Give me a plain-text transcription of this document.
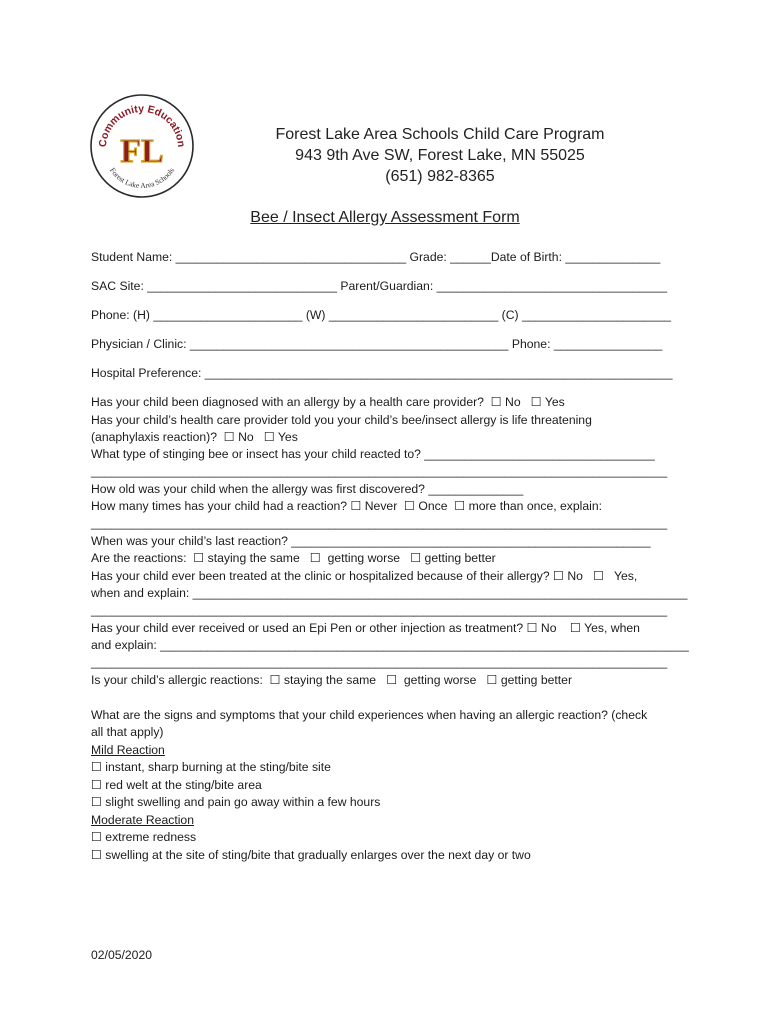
Community Education
Forest Lake Area Schools
FL	Forest Lake Area Schools Child Care Program
943 9th Ave SW, Forest Lake, MN 55025
(651) 982-8365
Bee / Insect Allergy Assessment Form
Student Name: __________________________________ Grade: ______Date of Birth: ______________
SAC Site: ____________________________ Parent/Guardian: __________________________________
Phone: (H) ______________________ (W) _________________________ (C) ______________________
Physician / Clinic: _______________________________________________ Phone: ________________
Hospital Preference: _____________________________________________________________________
Has your child been diagnosed with an allergy by a health care provider?  ☐ No   ☐ Yes
Has your child’s health care provider told you your child’s bee/insect allergy is life threatening
(anaphylaxis reaction)?  ☐ No   ☐ Yes
What type of stinging bee or insect has your child reacted to? __________________________________
_____________________________________________________________________________________
How old was your child when the allergy was first discovered? ______________
How many times has your child had a reaction? ☐ Never  ☐ Once  ☐ more than once, explain:
_____________________________________________________________________________________
When was your child’s last reaction? _____________________________________________________
Are the reactions:  ☐ staying the same   ☐  getting worse   ☐ getting better
Has your child ever been treated at the clinic or hospitalized because of their allergy? ☐ No   ☐   Yes,
when and explain: _________________________________________________________________________
_____________________________________________________________________________________
Has your child ever received or used an Epi Pen or other injection as treatment? ☐ No    ☐ Yes, when
and explain: ______________________________________________________________________________
_____________________________________________________________________________________
Is your child’s allergic reactions:  ☐ staying the same   ☐  getting worse   ☐ getting better
What are the signs and symptoms that your child experiences when having an allergic reaction? (check
all that apply)
Mild Reaction
☐ instant, sharp burning at the sting/bite site
☐ red welt at the sting/bite area
☐ slight swelling and pain go away within a few hours
Moderate Reaction
☐ extreme redness
☐ swelling at the site of sting/bite that gradually enlarges over the next day or two
02/05/2020
